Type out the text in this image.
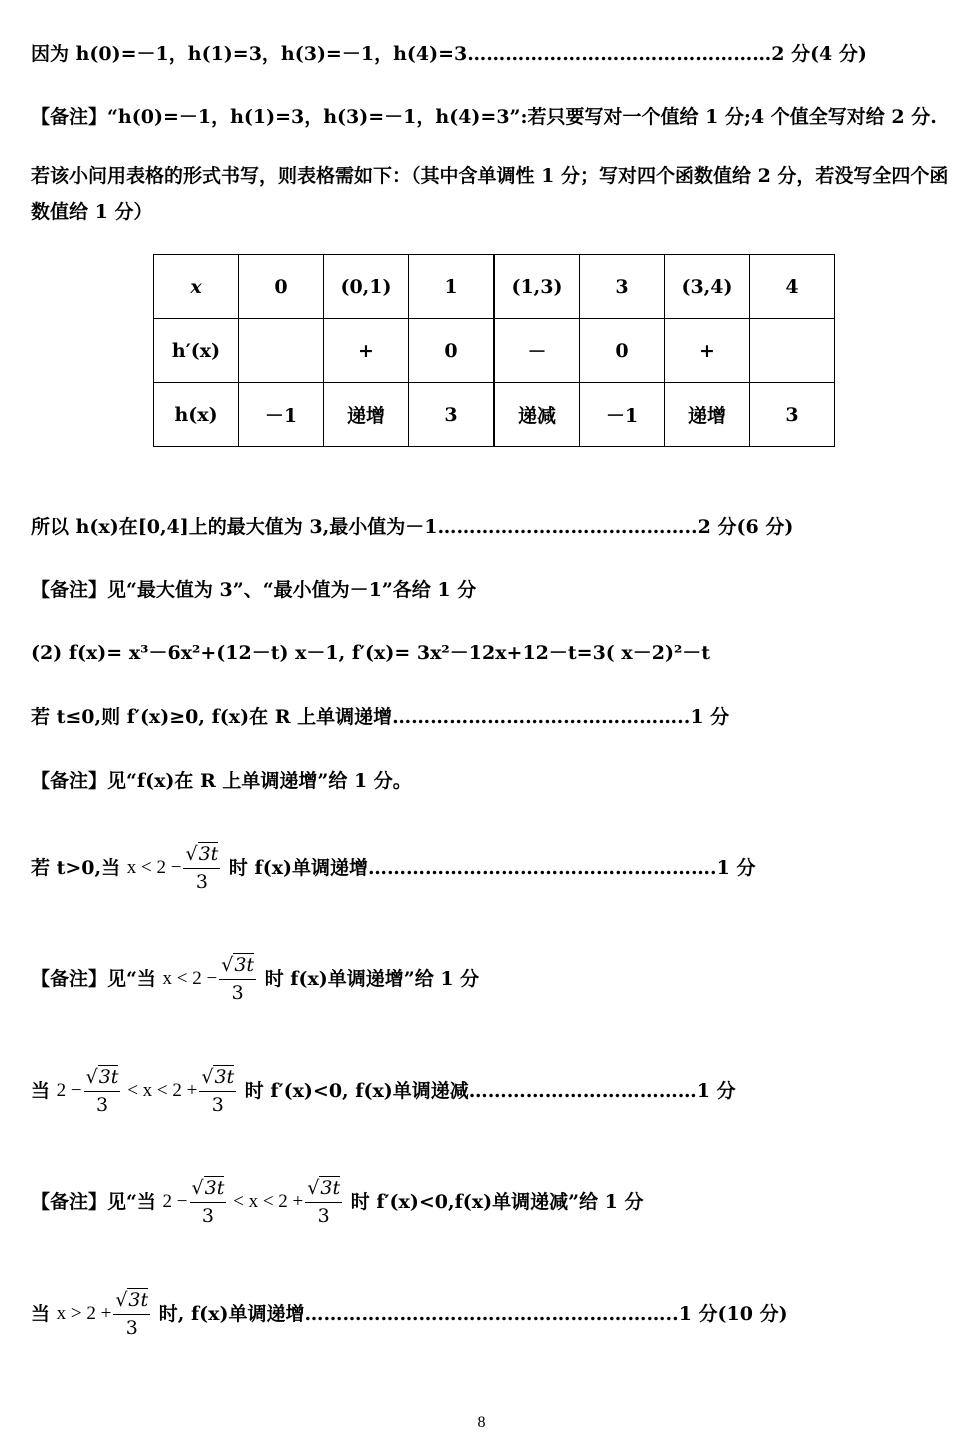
因为 h(0)=－1，h(1)=3，h(3)=－1，h(4)=3…………………………………………2 分(4 分)
【备注】“h(0)=－1，h(1)=3，h(3)=－1，h(4)=3”:若只要写对一个值给 1 分;4 个值全写对给 2 分.
若该小问用表格的形式书写，则表格需如下：（其中含单调性 1 分；写对四个函数值给 2 分，若没写全四个函数值给 1 分）
x	0	(0,1)	1	(1,3)	3	(3,4)	4
h′(x)		+	0	－	0	+	
h(x)	－1	递增	3	递减	－1	递增	3
所以 h(x)在[0,4]上的最大值为 3,最小值为－1…………………………………..2 分(6 分)
【备注】见“最大值为 3”、“最小值为－1”各给 1 分
(2) f(x)= x³－6x²+(12－t) x－1, f′(x)= 3x²－12x+12－t=3( x－2)²－t
若 t≤0,则 f′(x)≥0, f(x)在 R 上单调递增………………………………………..1 分
【备注】见“f(x)在 R 上单调递增”给 1 分。
若 t>0,当 $x < 2 - \frac{√3t}{3}$ 时 f(x)单调递增……………………………………………….1 分
【备注】见“当 $x < 2 - \frac{√3t}{3}$ 时 f(x)单调递增”给 1 分
当 $2 - \frac{√3t}{3} < x < 2 + \frac{√3t}{3}$ 时 f′(x)<0, f(x)单调递减………………………………1 分
【备注】见“当 $2 - \frac{√3t}{3} < x < 2 + \frac{√3t}{3}$ 时 f′(x)<0,f(x)单调递减”给 1 分
当 $x > 2 + \frac{√3t}{3}$ 时, f(x)单调递增…………………………………………………..1 分(10 分)
8
